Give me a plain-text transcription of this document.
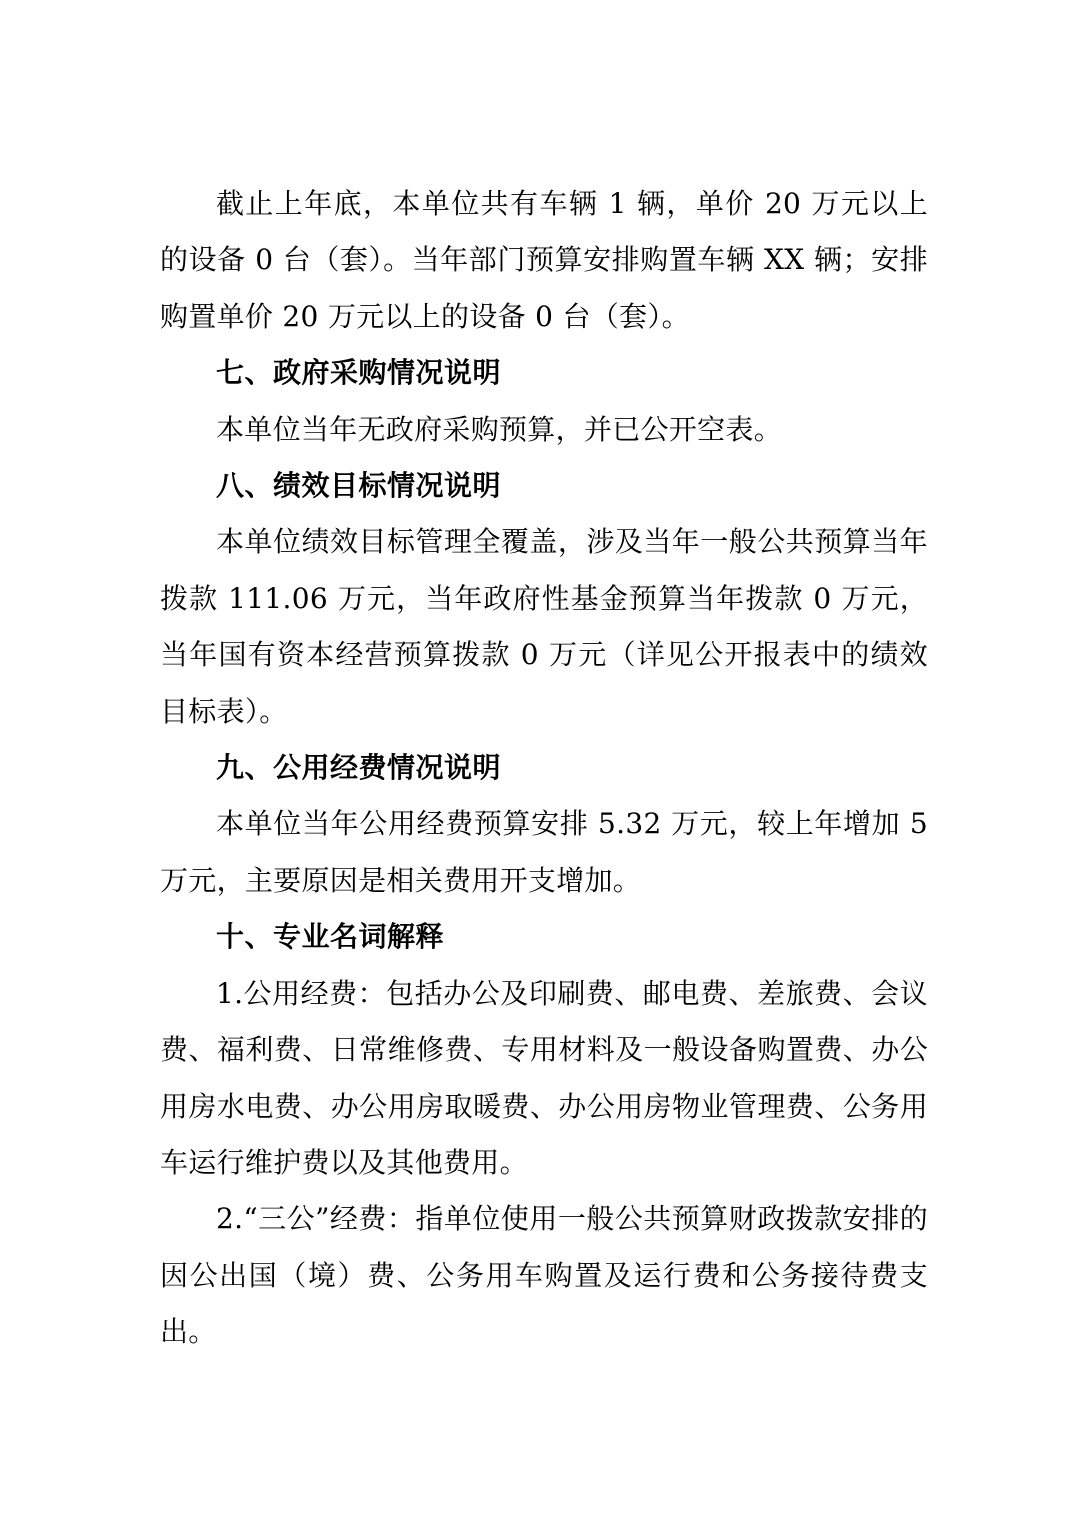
截止上年底，本单位共有车辆 1 辆，单价 20 万元以上的设备 0 台（套）。当年部门预算安排购置车辆 XX 辆；安排购置单价 20 万元以上的设备 0 台（套）。

七、政府采购情况说明

本单位当年无政府采购预算，并已公开空表。

八、绩效目标情况说明

本单位绩效目标管理全覆盖，涉及当年一般公共预算当年拨款 111.06 万元，当年政府性基金预算当年拨款 0 万元，当年国有资本经营预算拨款 0 万元（详见公开报表中的绩效目标表）。

九、公用经费情况说明

本单位当年公用经费预算安排 5.32 万元，较上年增加 5 万元，主要原因是相关费用开支增加。

十、专业名词解释

1.公用经费：包括办公及印刷费、邮电费、差旅费、会议费、福利费、日常维修费、专用材料及一般设备购置费、办公用房水电费、办公用房取暖费、办公用房物业管理费、公务用车运行维护费以及其他费用。

2.“三公”经费：指单位使用一般公共预算财政拨款安排的因公出国（境）费、公务用车购置及运行费和公务接待费支出。
